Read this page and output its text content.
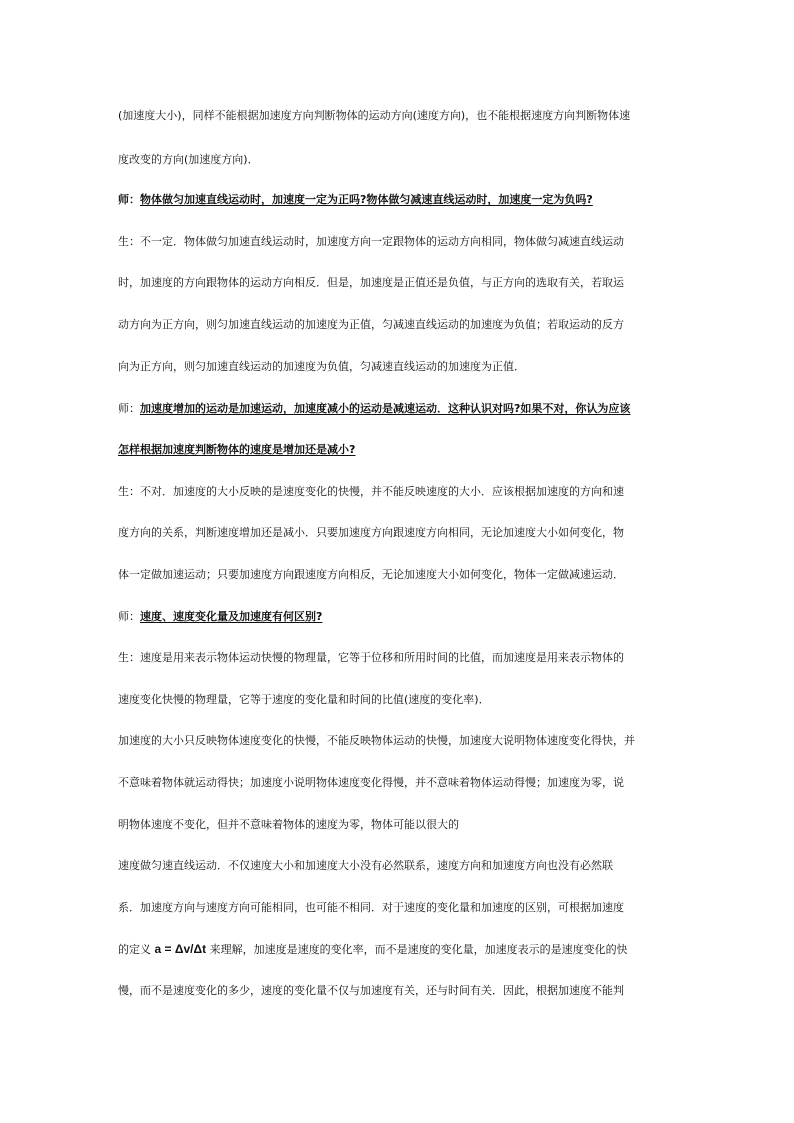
(加速度大小)，同样不能根据加速度方向判断物体的运动方向(速度方向)，也不能根据速度方向判断物体速
度改变的方向(加速度方向)．
师：物体做匀加速直线运动时，加速度一定为正吗?物体做匀减速直线运动时，加速度一定为负吗?
生：不一定．物体做匀加速直线运动时，加速度方向一定跟物体的运动方向相同，物体做匀减速直线运动
时，加速度的方向跟物体的运动方向相反．但是，加速度是正值还是负值，与正方向的选取有关，若取运
动方向为正方向，则匀加速直线运动的加速度为正值，匀减速直线运动的加速度为负值；若取运动的反方
向为正方向，则匀加速直线运动的加速度为负值，匀减速直线运动的加速度为正值．
师：加速度增加的运动是加速运动，加速度减小的运动是减速运动．这种认识对吗?如果不对，你认为应该
怎样根据加速度判断物体的速度是增加还是减小?
生：不对．加速度的大小反映的是速度变化的快慢，并不能反映速度的大小．应该根据加速度的方向和速
度方向的关系，判断速度增加还是减小．只要加速度方向跟速度方向相同，无论加速度大小如何变化，物
体一定做加速运动；只要加速度方向跟速度方向相反，无论加速度大小如何变化，物体一定做减速运动．
师：速度、速度变化量及加速度有何区别?
生：速度是用来表示物体运动快慢的物理量，它等于位移和所用时间的比值，而加速度是用来表示物体的
速度变化快慢的物理量，它等于速度的变化量和时间的比值(速度的变化率)．
加速度的大小只反映物体速度变化的快慢，不能反映物体运动的快慢，加速度大说明物体速度变化得快，并
不意味着物体就运动得快；加速度小说明物体速度变化得慢，并不意味着物体运动得慢；加速度为零，说
明物体速度不变化，但并不意味着物体的速度为零，物体可能以很大的
速度做匀速直线运动．不仅速度大小和加速度大小没有必然联系，速度方向和加速度方向也没有必然联
系．加速度方向与速度方向可能相同，也可能不相同．对于速度的变化量和加速度的区别，可根据加速度
的定义 a = Δv/Δt 来理解，加速度是速度的变化率，而不是速度的变化量，加速度表示的是速度变化的快
慢，而不是速度变化的多少，速度的变化量不仅与加速度有关，还与时间有关．因此，根据加速度不能判
